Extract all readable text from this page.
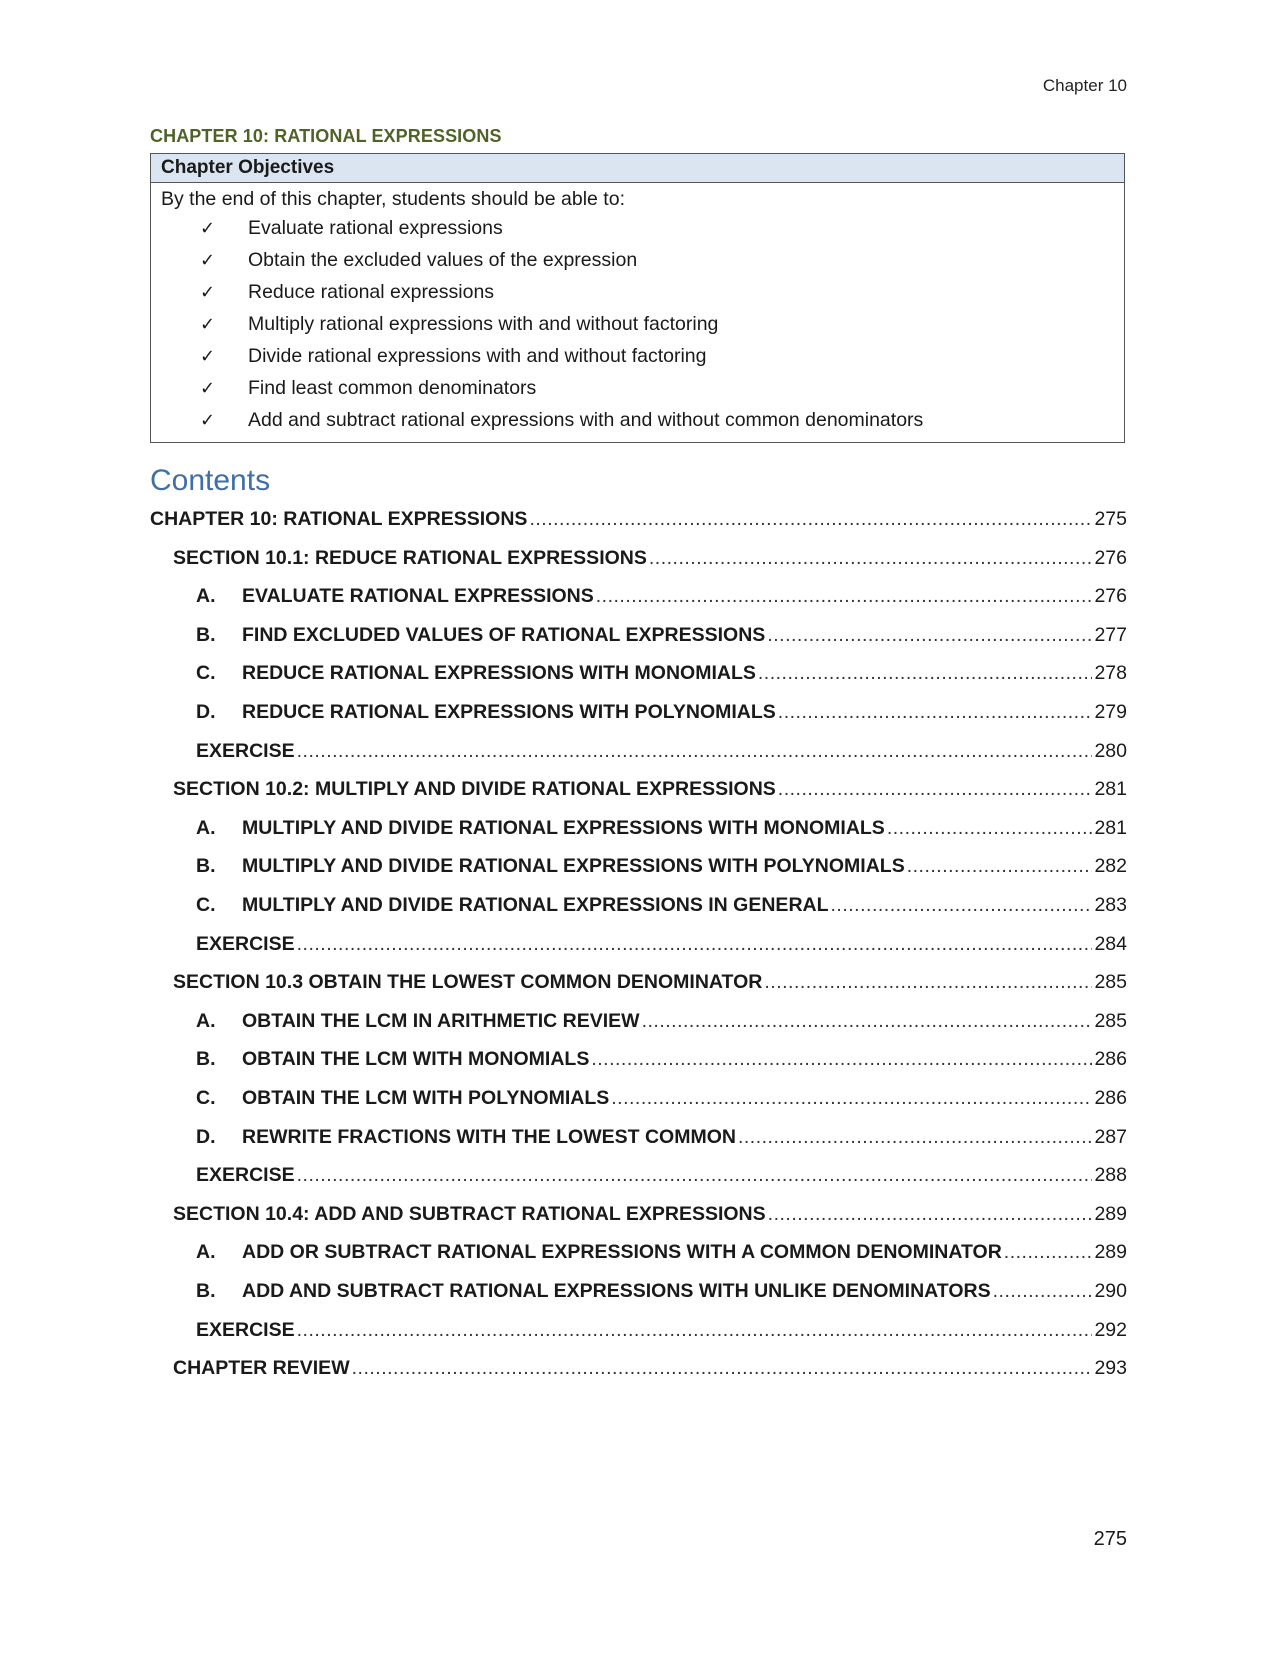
Chapter 10
CHAPTER 10: RATIONAL EXPRESSIONS
Chapter Objectives
By the end of this chapter, students should be able to:
✓ Evaluate rational expressions
✓ Obtain the excluded values of the expression
✓ Reduce rational expressions
✓ Multiply rational expressions with and without factoring
✓ Divide rational expressions with and without factoring
✓ Find least common denominators
✓ Add and subtract rational expressions with and without common denominators
Contents
CHAPTER 10: RATIONAL EXPRESSIONS .....	275
SECTION 10.1: REDUCE RATIONAL EXPRESSIONS .....	276
A.	EVALUATE RATIONAL EXPRESSIONS .....	276
B.	FIND EXCLUDED VALUES OF RATIONAL EXPRESSIONS .....	277
C.	REDUCE RATIONAL EXPRESSIONS WITH MONOMIALS .....	278
D.	REDUCE RATIONAL EXPRESSIONS WITH POLYNOMIALS .....	279
EXERCISE .....	280
SECTION 10.2: MULTIPLY AND DIVIDE RATIONAL EXPRESSIONS .....	281
A.	MULTIPLY AND DIVIDE RATIONAL EXPRESSIONS WITH MONOMIALS .....	281
B.	MULTIPLY AND DIVIDE RATIONAL EXPRESSIONS WITH POLYNOMIALS .....	282
C.	MULTIPLY AND DIVIDE RATIONAL EXPRESSIONS IN GENERAL .....	283
EXERCISE .....	284
SECTION 10.3 OBTAIN THE LOWEST COMMON DENOMINATOR .....	285
A.	OBTAIN THE LCM IN ARITHMETIC REVIEW .....	285
B.	OBTAIN THE LCM WITH MONOMIALS .....	286
C.	OBTAIN THE LCM WITH POLYNOMIALS .....	286
D.	REWRITE FRACTIONS WITH THE LOWEST COMMON .....	287
EXERCISE .....	288
SECTION 10.4: ADD AND SUBTRACT RATIONAL EXPRESSIONS .....	289
A.	ADD OR SUBTRACT RATIONAL EXPRESSIONS WITH A COMMON DENOMINATOR .....	289
B.	ADD AND SUBTRACT RATIONAL EXPRESSIONS WITH UNLIKE DENOMINATORS .....	290
EXERCISE .....	292
CHAPTER REVIEW .....	293
275
